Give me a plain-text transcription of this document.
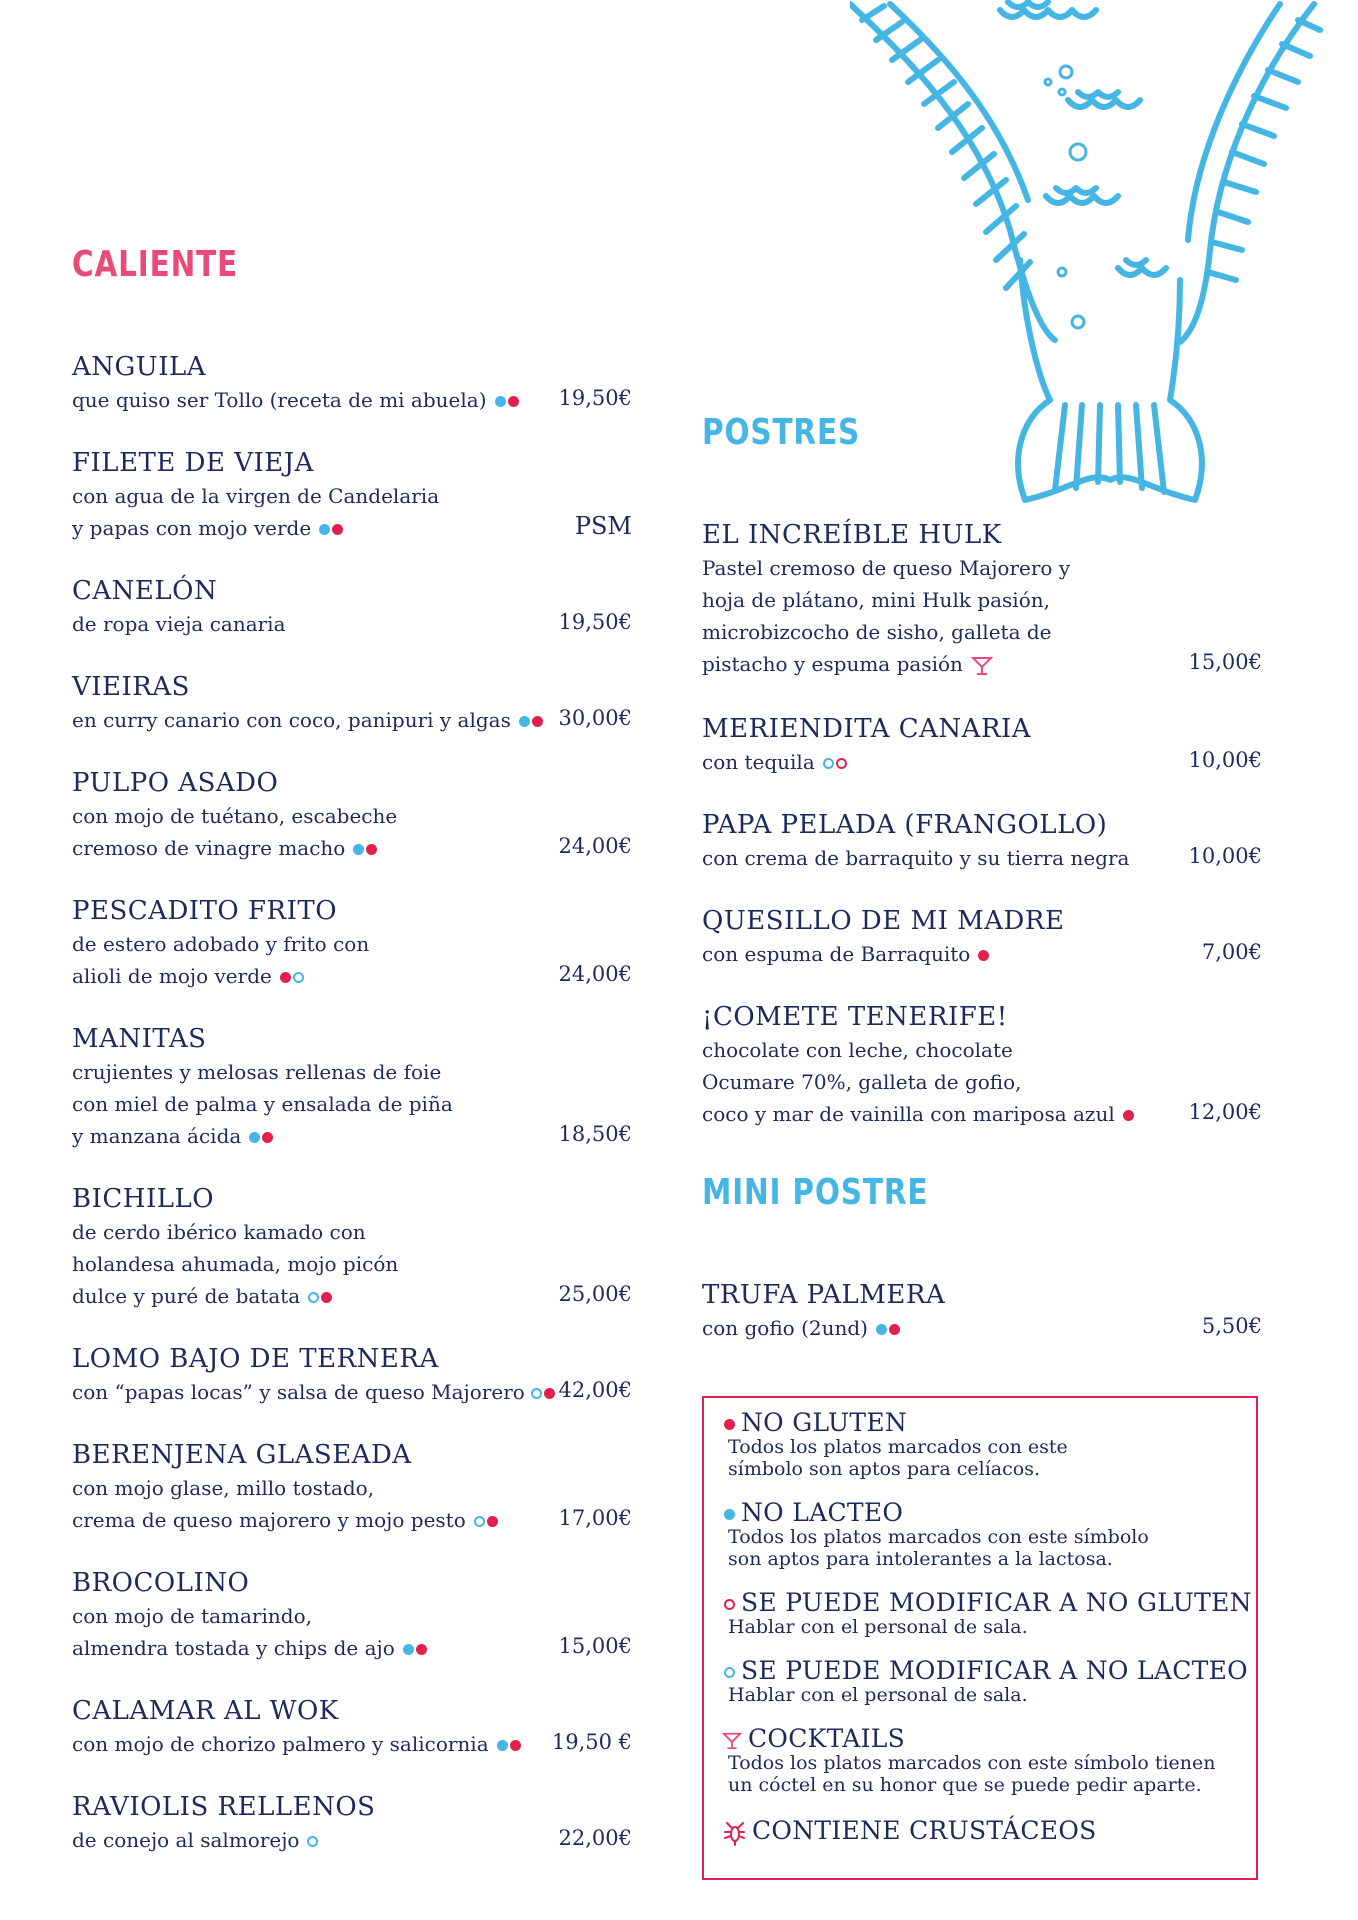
CALIENTE
ANGUILA
que quiso ser Tollo (receta de mi abuela)	19,50€
FILETE DE VIEJA
con agua de la virgen de Candelaria
y papas con mojo verde	PSM
CANELÓN
de ropa vieja canaria	19,50€
VIEIRAS
en curry canario con coco, panipuri y algas	30,00€
PULPO ASADO
con mojo de tuétano, escabeche
cremoso de vinagre macho	24,00€
PESCADITO FRITO
de estero adobado y frito con
alioli de mojo verde	24,00€
MANITAS
crujientes y melosas rellenas de foie
con miel de palma y ensalada de piña
y manzana ácida	18,50€
BICHILLO
de cerdo ibérico kamado con
holandesa ahumada, mojo picón
dulce y puré de batata	25,00€
LOMO BAJO DE TERNERA
con “papas locas” y salsa de queso Majorero	42,00€
BERENJENA GLASEADA
con mojo glase, millo tostado,
crema de queso majorero y mojo pesto	17,00€
BROCOLINO
con mojo de tamarindo,
almendra tostada y chips de ajo	15,00€
CALAMAR AL WOK
con mojo de chorizo palmero y salicornia	19,50 €
RAVIOLIS RELLENOS
de conejo al salmorejo	22,00€
POSTRES
EL INCREÍBLE HULK
Pastel cremoso de queso Majorero y
hoja de plátano, mini Hulk pasión,
microbizcocho de sisho, galleta de
pistacho y espuma pasión	15,00€
MERIENDITA CANARIA
con tequila	10,00€
PAPA PELADA (FRANGOLLO)
con crema de barraquito y su tierra negra	10,00€
QUESILLO DE MI MADRE
con espuma de Barraquito	7,00€
¡COMETE TENERIFE!
chocolate con leche, chocolate
Ocumare 70%, galleta de gofio,
coco y mar de vainilla con mariposa azul	12,00€
MINI POSTRE
TRUFA PALMERA
con gofio (2und)	5,50€
NO GLUTEN
Todos los platos marcados con este
símbolo son aptos para celíacos.
NO LACTEO
Todos los platos marcados con este símbolo
son aptos para intolerantes a la lactosa.
SE PUEDE MODIFICAR A NO GLUTEN
Hablar con el personal de sala.
SE PUEDE MODIFICAR A NO LACTEO
Hablar con el personal de sala.
COCKTAILS
Todos los platos marcados con este símbolo tienen
un cóctel en su honor que se puede pedir aparte.
CONTIENE CRUSTÁCEOS
